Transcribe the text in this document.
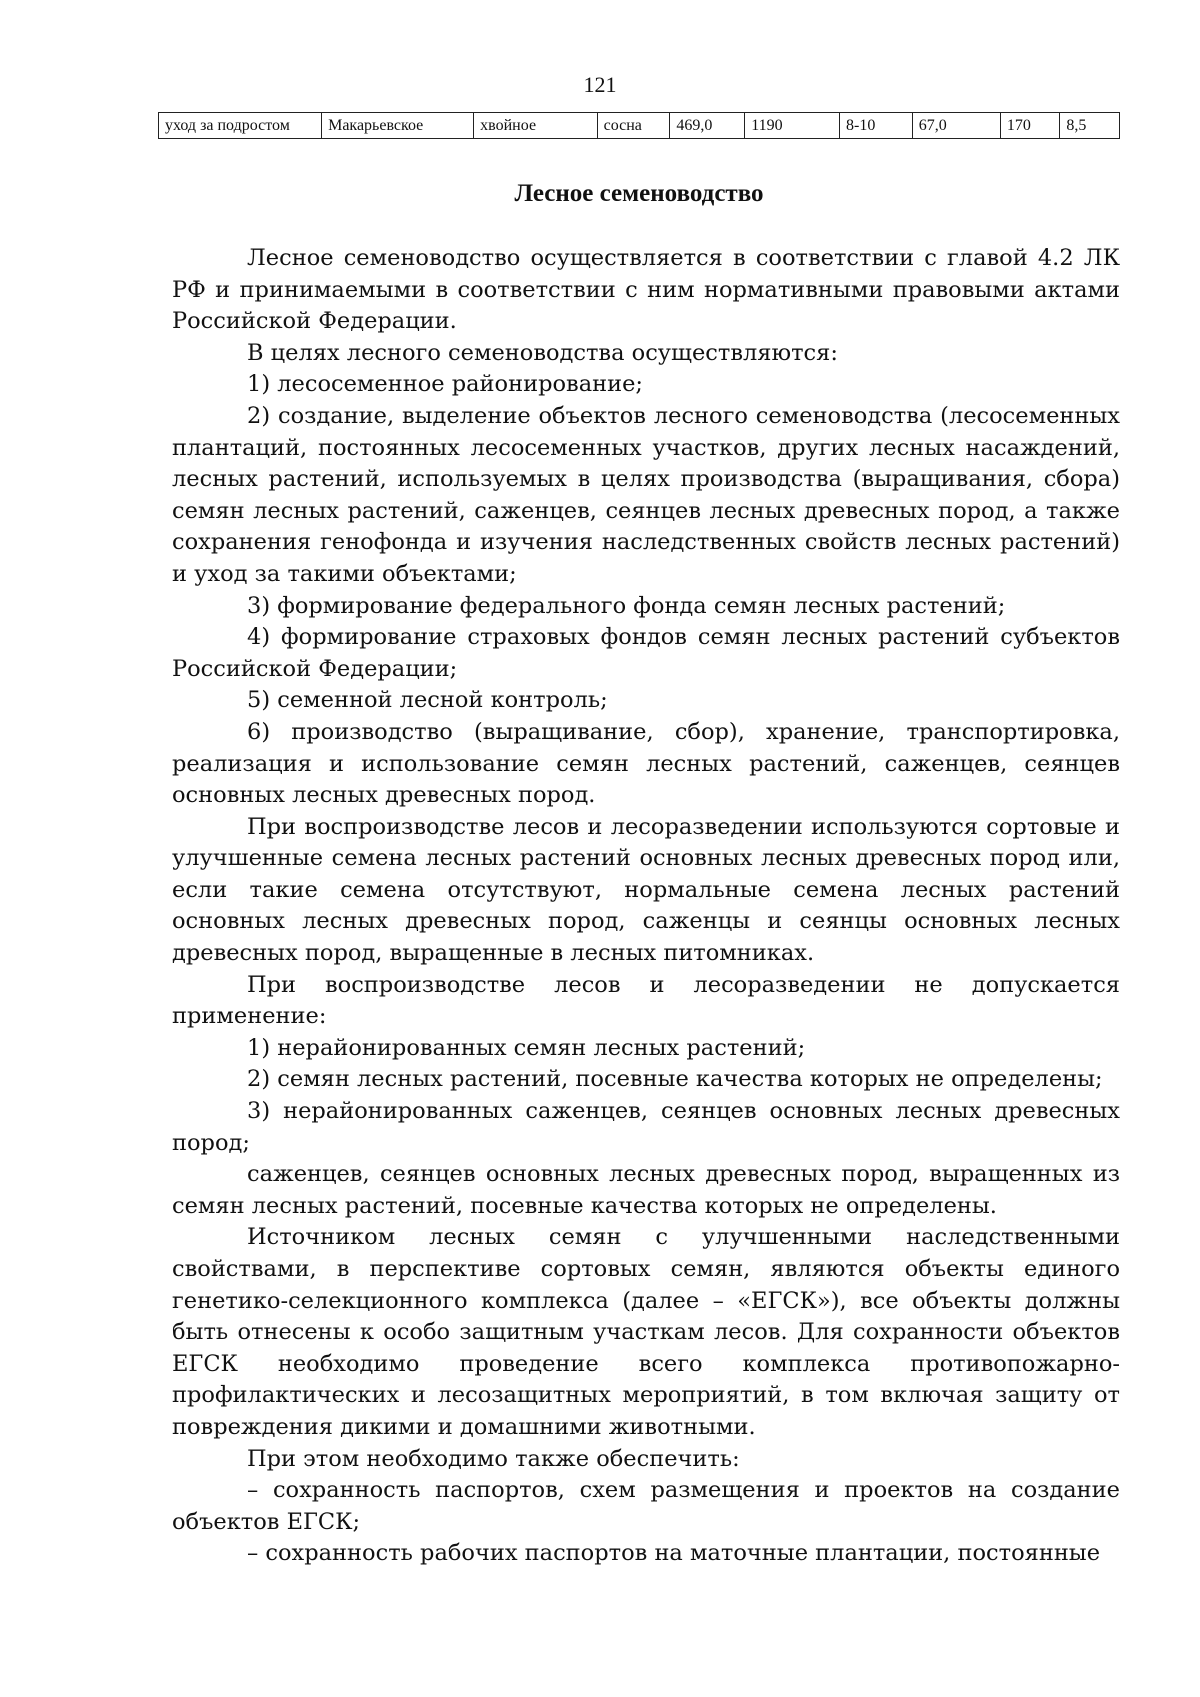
121
уход за подростом	Макарьевское	хвойное	сосна	469,0	1190	8-10	67,0	170	8,5
Лесное семеноводство

Лесное семеноводство осуществляется в соответствии с главой 4.2 ЛК РФ и принимаемыми в соответствии с ним нормативными правовыми актами Российской Федерации.

В целях лесного семеноводства осуществляются:

1) лесосеменное районирование;

2) создание, выделение объектов лесного семеноводства (лесосеменных плантаций, постоянных лесосеменных участков, других лесных насаждений, лесных растений, используемых в целях производства (выращивания, сбора) семян лесных растений, саженцев, сеянцев лесных древесных пород, а также сохранения генофонда и изучения наследственных свойств лесных растений) и уход за такими объектами;

3) формирование федерального фонда семян лесных растений;

4) формирование страховых фондов семян лесных растений субъектов Российской Федерации;

5) семенной лесной контроль;

6) производство (выращивание, сбор), хранение, транспортировка, реализация и использование семян лесных растений, саженцев, сеянцев основных лесных древесных пород.

При воспроизводстве лесов и лесоразведении используются сортовые и улучшенные семена лесных растений основных лесных древесных пород или, если такие семена отсутствуют, нормальные семена лесных растений основных лесных древесных пород, саженцы и сеянцы основных лесных древесных пород, выращенные в лесных питомниках.

При воспроизводстве лесов и лесоразведении не допускается применение:

1) нерайонированных семян лесных растений;

2) семян лесных растений, посевные качества которых не определены;

3) нерайонированных саженцев, сеянцев основных лесных древесных пород;

саженцев, сеянцев основных лесных древесных пород, выращенных из семян лесных растений, посевные качества которых не определены.

Источником лесных семян с улучшенными наследственными свойствами, в перспективе сортовых семян, являются объекты единого генетико-селекционного комплекса (далее – «ЕГСК»), все объекты должны быть отнесены к особо защитным участкам лесов. Для сохранности объектов ЕГСК необходимо проведение всего комплекса противопожарно-профилактических и лесозащитных мероприятий, в том включая защиту от повреждения дикими и домашними животными.

При этом необходимо также обеспечить:

– сохранность паспортов, схем размещения и проектов на создание объектов ЕГСК;

– сохранность рабочих паспортов на маточные плантации, постоянные
